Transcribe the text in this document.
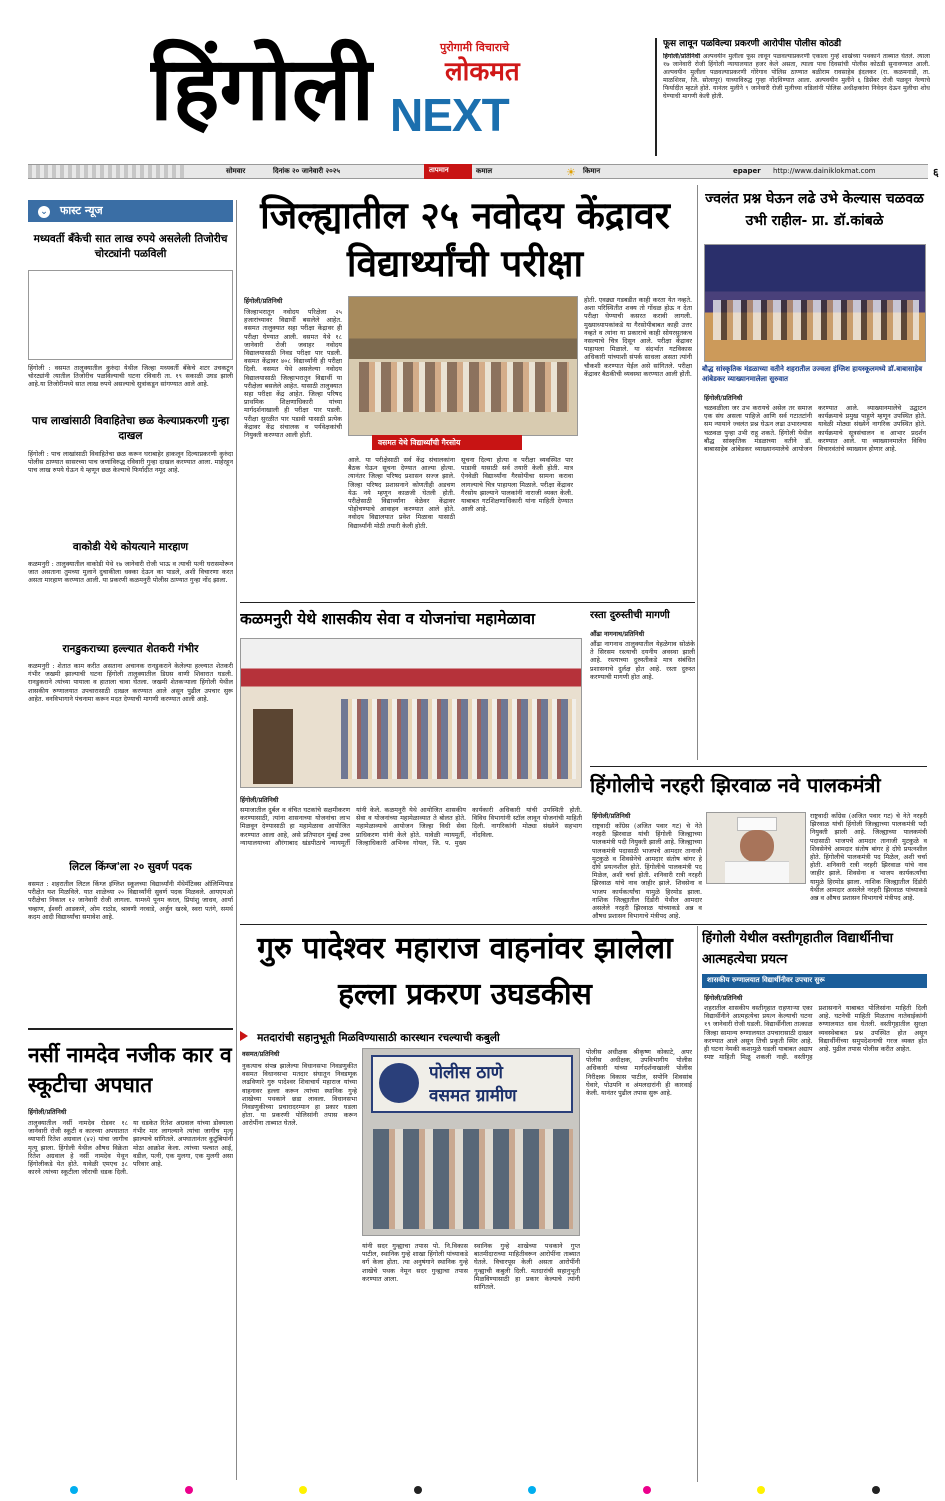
हिंगोली	पुरोगामी विचाराचे
लोकमत
NEXT
फूस लावून पळविल्या प्रकरणी आरोपीस पोलीस कोठडी
हिंगोली/प्रतिनिधी अल्पवयीन मुलीला फूस लावून पळवल्याप्रकरणी एकाला गुन्हे शाखेच्या पथकाने ताब्यात घेतले. त्याला १७ जानेवारी रोजी हिंगोली न्यायालयात हजर केले असता, त्याला पाच दिवसांची पोलीस कोठडी सुनावण्यात आली. अल्पवयीन मुलीला पळवल्याप्रकरणी गोरेगाव पोलिस ठाण्यात बळीराम रावसाहेब इंदलकर (रा. कळमनाडी, ता. माळशिरस, जि. सोलापूर) याच्याविरुद्ध गुन्हा नोंदविण्यात आला. अल्पवयीन मुलीने ६ डिसेंबर रोजी पळवून नेल्याचे फिर्यादीत म्हटले होते. यानंतर मुलीने ९ जानेवारी रोजी मुलीच्या वडिलांनी पोलिस अधीक्षकांना निवेदन देऊन मुलीचा शोध घेण्याची मागणी केली होती.
सोमवार	दिनांक २० जानेवारी २०२५	तापमान	कमाल	☀ किमान	epaper http://www.dainiklokmat.com	६
⌄ फास्ट न्यूज
मध्यवर्ती बँकेची सात लाख रुपये असलेली तिजोरीच चोरट्यांनी पळविली
हिंगोली : वसमत तालुक्यातील कुरुंदा येथील जिल्हा मध्यवर्ती बँकेचे शटर उचकटून चोरट्यांनी त्यातील तिजोरीच पळविल्याची घटना रविवारी ता. १९ सकाळी उघड झाली आहे.या तिजोरीमध्ये सात लाख रुपये असल्याचे सुत्रांकडून सांगण्यात आले आहे.
पाच लाखांसाठी विवाहितेचा छळ केल्याप्रकरणी गुन्हा दाखल
हिंगोली : पाच लाखांसाठी विवाहितेचा छळ करून घराबाहेर हाकलून दिल्याप्रकरणी कुरुंदा पोलीस ठाण्यात सासरच्या पाच जणांविरुद्ध रविवारी गुन्हा दाखल करण्यात आला. माहेरहून पाच लाख रुपये घेऊन ये म्हणून छळ केल्याचे फिर्यादीत नमूद आहे.
वाकोडी येथे कोयत्याने मारहाण
कळमनुरी : तालुक्यातील वाकोडी येथे १७ जानेवारी रोजी भाऊ व त्याची पत्नी घरासमोरून जात असताना तुमच्या मुलाने दुचाकीला धक्का देऊन का पाडले, अशी विचारणा करत असता मारहाण करण्यात आली. या प्रकरणी कळमनुरी पोलीस ठाण्यात गुन्हा नोंद झाला.
रानडुकराच्या हल्ल्यात शेतकरी गंभीर
कळमनुरी : शेतात काम करीत असताना अचानक रानडुकराने केलेल्या हल्ल्यात शेतकरी गंभीर जखमी झाल्याची घटना हिंगोली तालुक्यातील डिग्रस वाणी शिवारात घडली. रानडुकराने त्यांच्या पायाला व हाताला चावा घेतला. जखमी शेतकऱ्याला हिंगोली येथील शासकीय रुग्णालयात उपचारासाठी दाखल करण्यात आले असून पुढील उपचार सुरू आहेत. वनविभागाने पंचनामा करून मदत देण्याची मागणी करण्यात आली आहे.
लिटल किंग्ज'ला २० सुवर्ण पदक
वसमत : शहरातील लिटल किंग्ज इंग्लिश स्कूलच्या विद्यार्थ्यांनी मॅथेमॅटिक्स ऑलिम्पियाड परीक्षेत यश मिळविले. यात शाळेच्या २० विद्यार्थ्यांनी सुवर्ण पदक मिळवले. आयएमओ परीक्षेचा निकाल १२ जानेवारी रोजी लागला. यामध्ये पूनम करल, प्रियांशु जाधव, आर्या चव्हाण, ईश्वरी आडकणे, ओम राठोड, श्रावणी नरवाडे, अर्जुन खरबे, स्वरा पतंगे, समर्थ कदम आदी विद्यार्थ्यांचा समावेश आहे.
नर्सी नामदेव नजीक कार व स्कूटीचा अपघात
हिंगोली/प्रतिनिधी
तालुक्यातील नर्सी नामदेव रोडवर १८ जानेवारी रोजी स्कूटी व कारच्या अपघातात व्यापारी रितेश अग्रवाल (४२) यांचा जागीच मृत्यू झाला. हिंगोली येथील औषध विक्रेता रितेश अग्रवाल हे नर्सी नामदेव येथून हिंगोलीकडे येत होते. यावेळी एमएच ३८ कारने त्यांच्या स्कूटीला जोराची धडक दिली. या धडकेत रितेश अग्रवाल यांच्या डोक्याला गंभीर मार लागल्याने त्यांचा जागीच मृत्यू झाल्याचे सांगितले. अपघातानंतर कुटुंबियांनी मोठा आक्रोश केला. त्यांच्या पश्चात आई, वडील, पत्नी, एक मुलगा, एक मुलगी असा परिवार आहे.
जिल्ह्यातील २५ नवोदय केंद्रावर विद्यार्थ्यांची परीक्षा
हिंगोली/प्रतिनिधी
जिल्हाभरातून नवोदय परिक्षेला २५ हजारांच्यावर विद्यार्थी बसलेले आहेत. वसमत तालुक्यात सहा परीक्षा केंद्रावर ही परीक्षा घेण्यात आली. वसमत येथे १८ जानेवारी रोजी जवाहर नवोदय विद्यालयासाठी निवड परीक्षा पार पडली. वसमत केंद्रावर ४०८ विद्यार्थ्यांनी ही परीक्षा दिली. वसमत येथे असलेल्या नवोदय विद्यालयासाठी जिल्हाभरातून विद्यार्थी या परीक्षेला बसलेले आहेत. यासाठी तालुक्यात सहा परीक्षा केंद्र आहेत. जिल्हा परिषद प्राथमिक शिक्षणाधिकारी यांच्या मार्गदर्शनाखाली ही परीक्षा पार पडली. परीक्षा सुरळीत पार पडावी यासाठी प्रत्येक केंद्रावर केंद्र संचालक व पर्यवेक्षकांची नियुक्ती करण्यात आली होती.
वसमत येथे विद्यार्थ्यांची गैरसोय
आले. या परीक्षेसाठी सर्व केंद्र संचालकांना बैठक घेऊन सूचना देण्यात आल्या होत्या. त्यानंतर जिल्हा परिषद प्रशासन सज्ज झाले. जिल्हा परिषद प्रशासनाने कोणतीही अडचण येऊ नये म्हणून काळजी घेतली होती. परीक्षेसाठी विद्यार्थ्यांना वेळेवर केंद्रावर पोहोचण्याचे आवाहन करण्यात आले होते. नवोदय विद्यालयात प्रवेश मिळावा यासाठी विद्यार्थ्यांनी मोठी तयारी केली होती.
सूचना दिल्या होत्या व परीक्षा व्यवस्थित पार पाडावी यासाठी सर्व तयारी केली होती. मात्र ऐनवेळी विद्यार्थ्यांना गैरसोयीचा सामना करावा लागल्याचे चित्र पाहायला मिळाले. परीक्षा केंद्रावर गैरसोय झाल्याने पालकांनी नाराजी व्यक्त केली. याबाबत गटशिक्षणाधिकारी यांना माहिती देण्यात आली आहे.
होती. एवढ्या गडबडीत काही करता येत नव्हते. अशा परिस्थितीत शक्य तो गोंधळ होऊ न देता परीक्षा घेण्याची कसरत करावी लागली. मुख्याध्यापकांकडे या गैरसोयीबाबत काही उत्तर नव्हते व त्यांना या प्रकाराचे काही सोयरसुतकच नसल्याचे चित्र दिसून आले. परीक्षा केंद्रावर पाहायला मिळाले. या संदर्भात गटविकास अधिकारी यांच्याशी संपर्क साधला असता त्यांनी चौकशी करण्यात येईल असे सांगितले. परीक्षा केंद्रावर बैठकीची व्यवस्था करण्यात आली होती.
ज्वलंत प्रश्न घेऊन लढे उभे केल्यास चळवळ उभी राहील- प्रा. डॉ.कांबळे
बौद्ध सांस्कृतिक मंडळाच्या वतीने शहरातील उज्वला इंग्लिश हायस्कूलमध्ये डॉ.बाबासाहेब आंबेडकर व्याख्यानमालेला सुरुवात
हिंगोली/प्रतिनिधी
चळवळीला जर उभ करायचे असेल तर समाज एक संघ असला पाहिजे आणि सर्व गटातटांनी सम न्यायाने ज्वलंत प्रश्न घेऊन लढा उभारल्यास चळवळ पुन्हा उभी राहू शकते. हिंगोली येथील बौद्ध सांस्कृतिक मंडळाच्या वतीने डॉ. बाबासाहेब आंबेडकर व्याख्यानमालेचे आयोजन करण्यात आले. व्याख्यानमालेचे उद्घाटन कार्यक्रमाचे प्रमुख पाहुणे म्हणून उपस्थित होते. यावेळी मोठ्या संख्येने नागरिक उपस्थित होते. कार्यक्रमाचे सूत्रसंचालन व आभार प्रदर्शन करण्यात आले. या व्याख्यानमालेत विविध विचारवंतांचे व्याख्यान होणार आहे.
कळमनुरी येथे शासकीय सेवा व योजनांचा महामेळावा
हिंगोली/प्रतिनिधी
समाजातील दुर्बल व वंचित घटकांचे सक्षमीकरण करण्यासाठी, त्यांना शासनाच्या योजनांचा लाभ मिळवून देण्यासाठी हा महामेळावा आयोजित करण्यात आला आहे, असे प्रतिपादन मुंबई उच्च न्यायालयाच्या औरंगाबाद खंडपीठाचे न्यायमूर्ती यांनी केले. कळमनुरी येथे आयोजित शासकीय सेवा व योजनांच्या महामेळाव्यात ते बोलत होते. महामेळाव्याचे आयोजन जिल्हा विधी सेवा प्राधिकरण यांनी केले होते. यावेळी न्यायमूर्ती, जिल्हाधिकारी अभिनव गोयल, जि. प. मुख्य कार्यकारी अधिकारी यांची उपस्थिती होती. विविध विभागांनी स्टॉल लावून योजनांची माहिती दिली. नागरिकांनी मोठ्या संख्येने सहभाग नोंदविला.
रस्ता दुरुस्तीची मागणी
औंढा नागनाथ/प्रतिनिधी
औंढा नागनाथ तालुक्यातील येहळेगाव सोळंके ते सिरसम रस्त्याची दयनीय अवस्था झाली आहे. रस्त्याच्या दुरुस्तीकडे मात्र संबंधित प्रशासनाचे दुर्लक्ष होत आहे. रस्ता दुरुस्त करण्याची मागणी होत आहे.
हिंगोलीचे नरहरी झिरवाळ नवे पालकमंत्री
हिंगोली/प्रतिनिधी
राष्ट्रवादी काँग्रेस (अजित पवार गट) चे नेते नरहरी झिरवाळ यांची हिंगोली जिल्ह्याच्या पालकमंत्री पदी नियुक्ती झाली आहे. जिल्ह्याच्या पालकमंत्री पदासाठी भाजपचे आमदार तानाजी मुटकुळे व शिवसेनेचे आमदार संतोष बांगर हे दोघे प्रयत्नशील होते. हिंगोलीचे पालकमंत्री पद मिळेल, अशी चर्चा होती. शनिवारी रात्री नरहरी झिरवाळ यांचे नाव जाहीर झाले. शिवसेना व भाजप कार्यकर्त्यांचा यामुळे हिरमोड झाला. नाशिक जिल्ह्यातील दिंडोरी येथील आमदार असलेले नरहरी झिरवाळ यांच्याकडे अन्न व औषध प्रशासन विभागाचे मंत्रीपद आहे.
राष्ट्रवादी काँग्रेस (अजित पवार गट) चे नेते नरहरी झिरवाळ यांची हिंगोली जिल्ह्याच्या पालकमंत्री पदी नियुक्ती झाली आहे. जिल्ह्याच्या पालकमंत्री पदासाठी भाजपचे आमदार तानाजी मुटकुळे व शिवसेनेचे आमदार संतोष बांगर हे दोघे प्रयत्नशील होते. हिंगोलीचे पालकमंत्री पद मिळेल, अशी चर्चा होती. शनिवारी रात्री नरहरी झिरवाळ यांचे नाव जाहीर झाले. शिवसेना व भाजप कार्यकर्त्यांचा यामुळे हिरमोड झाला. नाशिक जिल्ह्यातील दिंडोरी येथील आमदार असलेले नरहरी झिरवाळ यांच्याकडे अन्न व औषध प्रशासन विभागाचे मंत्रीपद आहे.
गुरु पादेश्वर महाराज वाहनांवर झालेला हल्ला प्रकरण उघडकीस
मतदारांची सहानुभूती मिळविण्यासाठी कारस्थान रचल्याची कबुली
वसमत/प्रतिनिधी
नुकत्याच संपन्न झालेल्या विधानसभा निवडणुकीत वसमत विधानसभा मतदार संघातून निवडणूक लढविणारे गुरु पादेश्वर शिवाचार्य महाराज यांच्या वाहनावर हल्ला करून त्यांच्या स्थानिक गुन्हे शाखेच्या पथकाने छडा लावला. विधानसभा निवडणुकीच्या प्रचारादरम्यान हा प्रकार घडला होता. या प्रकरणी पोलिसांनी तपास करून आरोपींना ताब्यात घेतले.
पोलीस ठाणे
वसमत ग्रामीण
यांनी सदर गुन्ह्याचा तपास पो. नि.विकास पाटील, स्थानिक गुन्हे शाखा हिंगोली यांच्याकडे वर्ग केला होता. त्या अनुषंगाने स्थानिक गुन्हे शाखेचे पथक नेमून सदर गुन्ह्याचा तपास करण्यात आला.
स्थानिक गुन्हे शाखेच्या पथकाने गुप्त बातमीदाराच्या माहितीवरून आरोपींना ताब्यात घेतले. विचारपूस केली असता आरोपींनी गुन्ह्याची कबुली दिली. मतदारांची सहानुभूती मिळविण्यासाठी हा प्रकार केल्याचे त्यांनी सांगितले.
पोलीस अधीक्षक श्रीकृष्ण कोकाटे, अपर पोलीस अधीक्षक, उपविभागीय पोलीस अधिकारी यांच्या मार्गदर्शनाखाली पोलीस निरीक्षक विकास पाटील, सपोनि शिवसांब घेवारे, पोउपनि व अंमलदारांनी ही कारवाई केली. यानंतर पुढील तपास सुरू आहे.
हिंगोली येथील वस्तीगृहातील विद्यार्थीनीचा आत्महत्येचा प्रयत्न
शासकीय रुग्णालयात विद्यार्थीनीवर उपचार सुरू
हिंगोली/प्रतिनिधी
शहरातील शासकीय वस्तीगृहात राहणाऱ्या एका विद्यार्थीनीने आत्महत्येचा प्रयत्न केल्याची घटना १९ जानेवारी रोजी घडली. विद्यार्थीनीला तात्काळ जिल्हा सामान्य रुग्णालयात उपचारासाठी दाखल करण्यात आले असून तिची प्रकृती स्थिर आहे. ही घटना नेमकी कशामुळे घडली याबाबत अद्याप स्पष्ट माहिती मिळू शकली नाही. वस्तीगृह प्रशासनाने याबाबत पोलिसांना माहिती दिली आहे. घटनेची माहिती मिळताच नातेवाईकांनी रुग्णालयात धाव घेतली. वस्तीगृहातील सुरक्षा व्यवस्थेबाबत प्रश्न उपस्थित होत असून विद्यार्थीनींच्या समुपदेशनाची गरज व्यक्त होत आहे. पुढील तपास पोलीस करीत आहेत.
